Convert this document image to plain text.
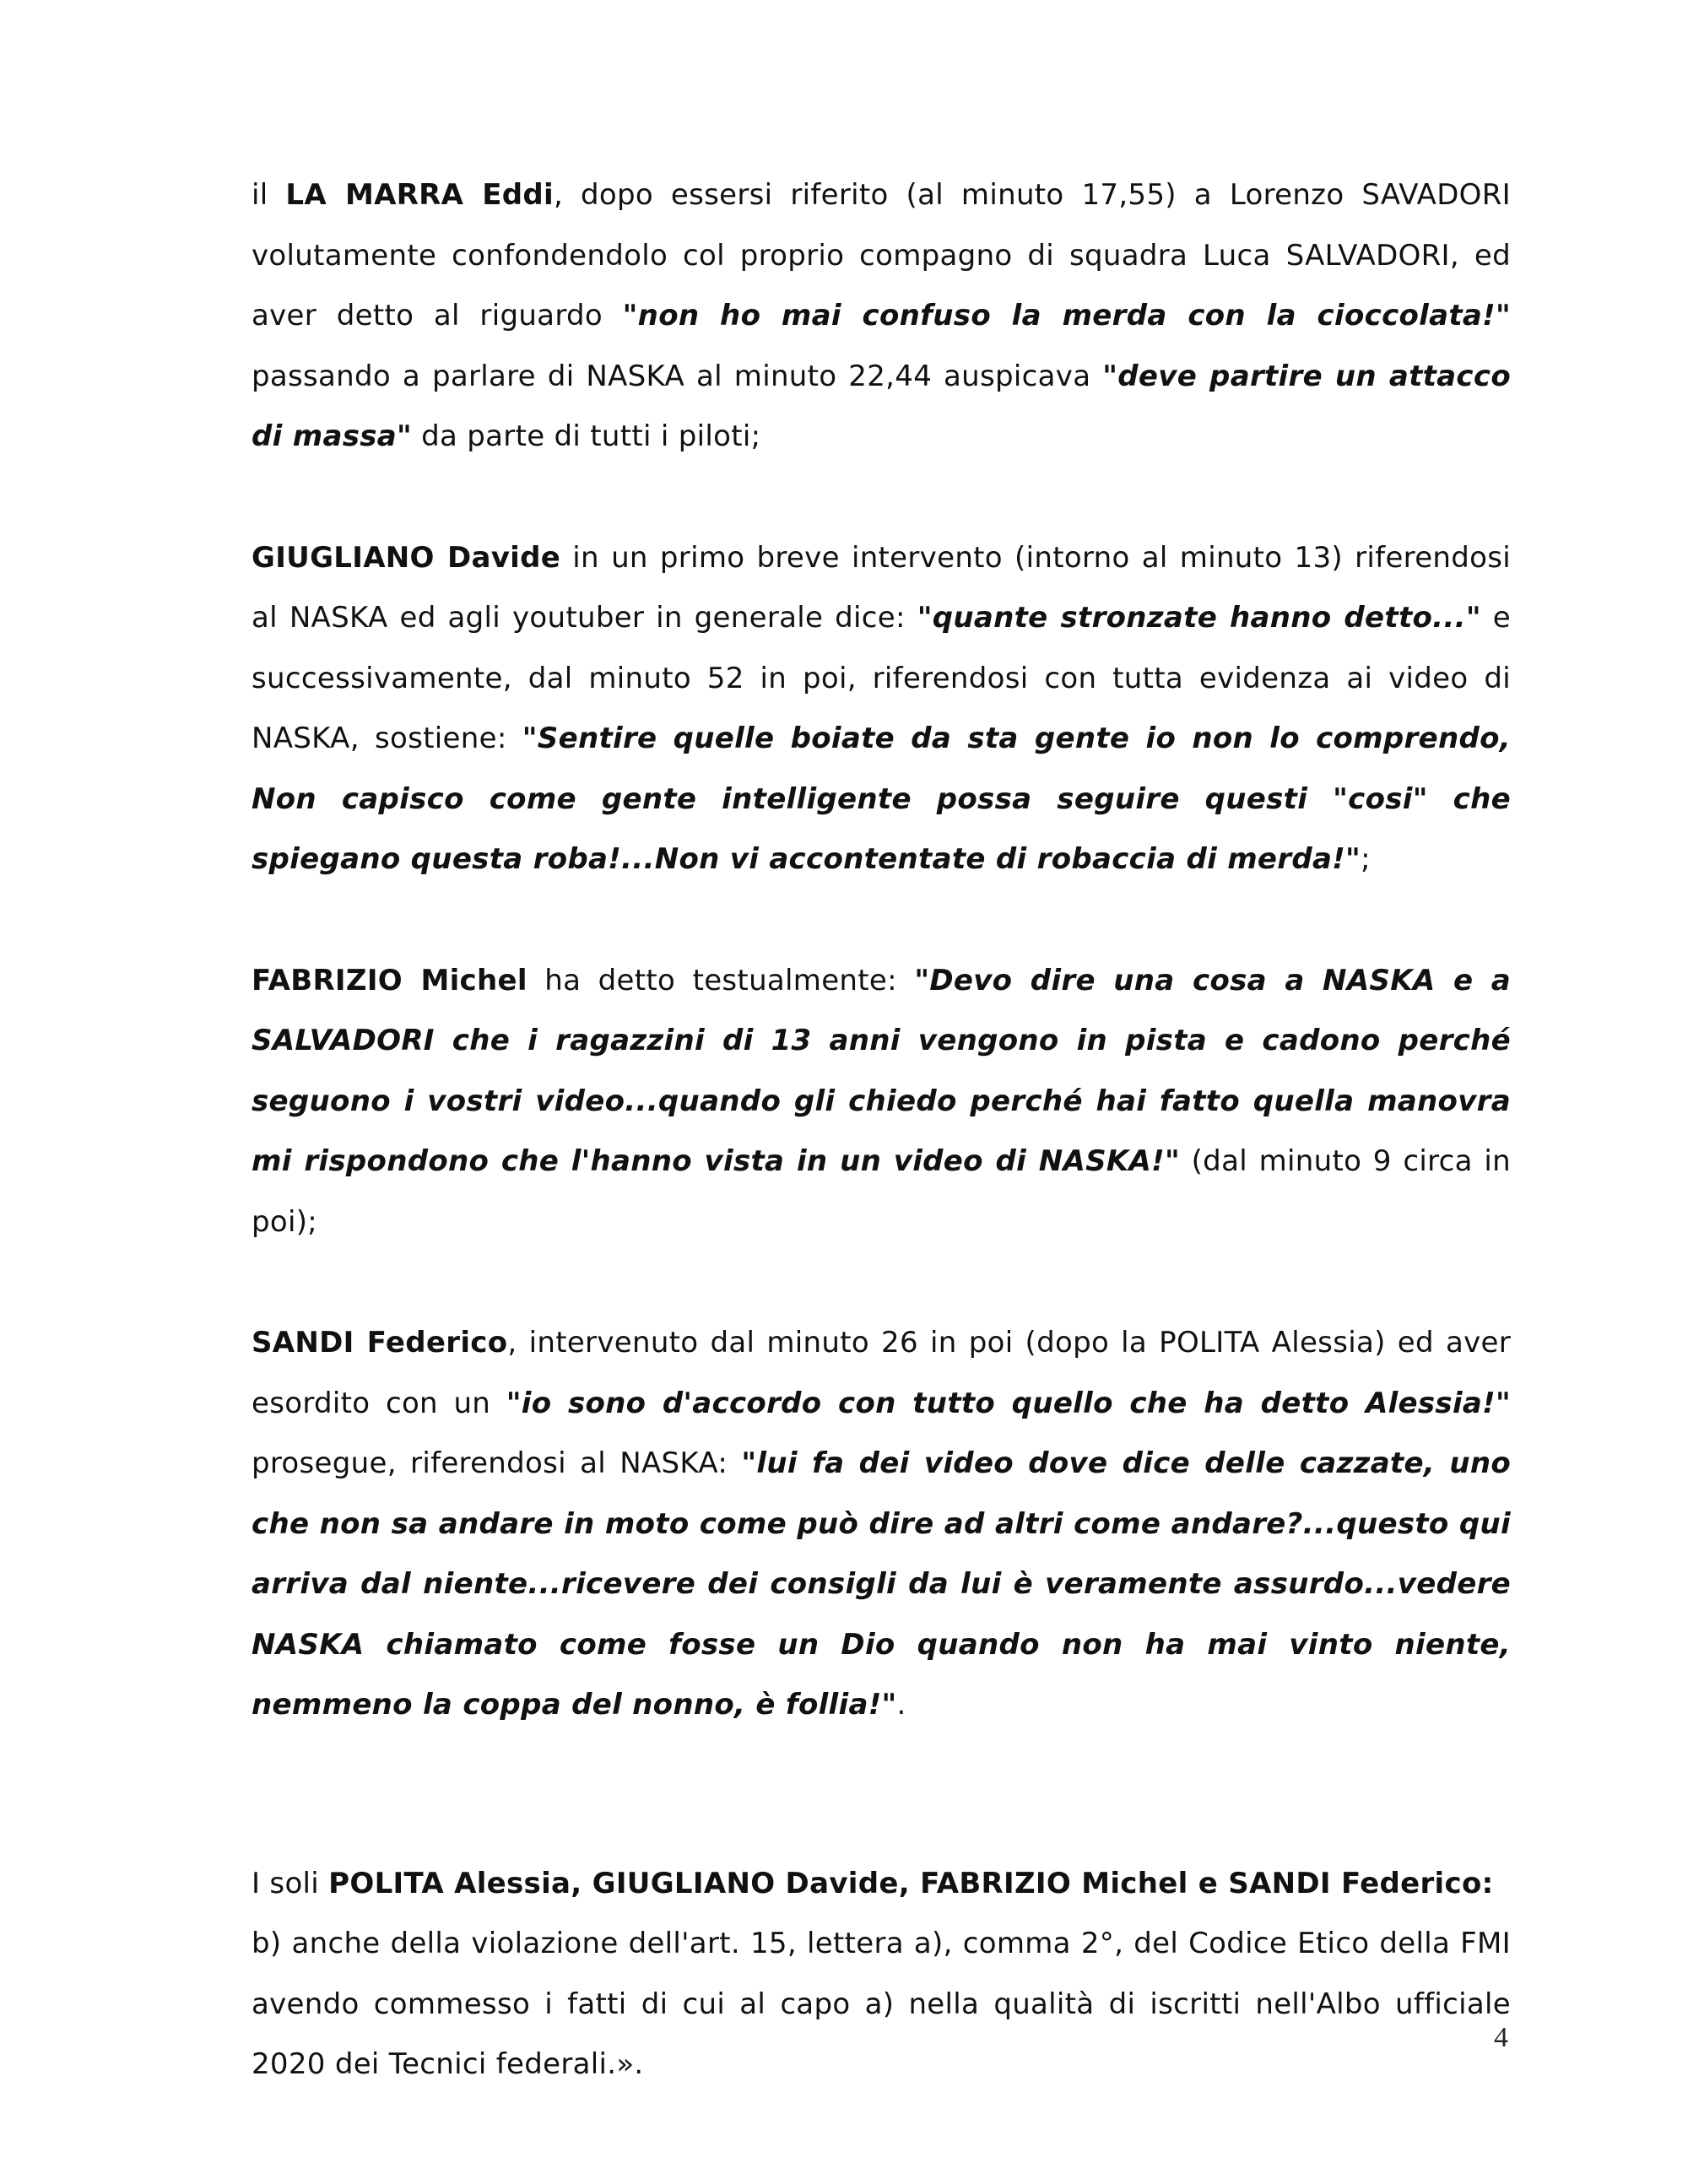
il LA MARRA Eddi, dopo essersi riferito (al minuto 17,55) a Lorenzo SAVADORI volutamente confondendolo col proprio compagno di squadra Luca SALVADORI, ed aver detto al riguardo "non ho mai confuso la merda con la cioccolata!" passando a parlare di NASKA al minuto 22,44 auspicava "deve partire un attacco di massa" da parte di tutti i piloti;

GIUGLIANO Davide in un primo breve intervento (intorno al minuto 13) riferendosi al NASKA ed agli youtuber in generale dice: "quante stronzate hanno detto..." e successivamente, dal minuto 52 in poi, riferendosi con tutta evidenza ai video di NASKA, sostiene: "Sentire quelle boiate da sta gente io non lo comprendo, Non capisco come gente intelligente possa seguire questi "cosi" che spiegano questa roba!...Non vi accontentate di robaccia di merda!";

FABRIZIO Michel ha detto testualmente: "Devo dire una cosa a NASKA e a SALVADORI che i ragazzini di 13 anni vengono in pista e cadono perché seguono i vostri video...quando gli chiedo perché hai fatto quella manovra mi rispondono che l'hanno vista in un video di NASKA!" (dal minuto 9 circa in poi);

SANDI Federico, intervenuto dal minuto 26 in poi (dopo la POLITA Alessia) ed aver esordito con un "io sono d'accordo con tutto quello che ha detto Alessia!" prosegue, riferendosi al NASKA: "lui fa dei video dove dice delle cazzate, uno che non sa andare in moto come può dire ad altri come andare?...questo qui arriva dal niente...ricevere dei consigli da lui è veramente assurdo...vedere NASKA chiamato come fosse un Dio quando non ha mai vinto niente, nemmeno la coppa del nonno, è follia!".

I soli POLITA Alessia, GIUGLIANO Davide, FABRIZIO Michel e SANDI Federico:
b) anche della violazione dell'art. 15, lettera a), comma 2°, del Codice Etico della FMI avendo commesso i fatti di cui al capo a) nella qualità di iscritti nell'Albo ufficiale 2020 dei Tecnici federali.».

4
